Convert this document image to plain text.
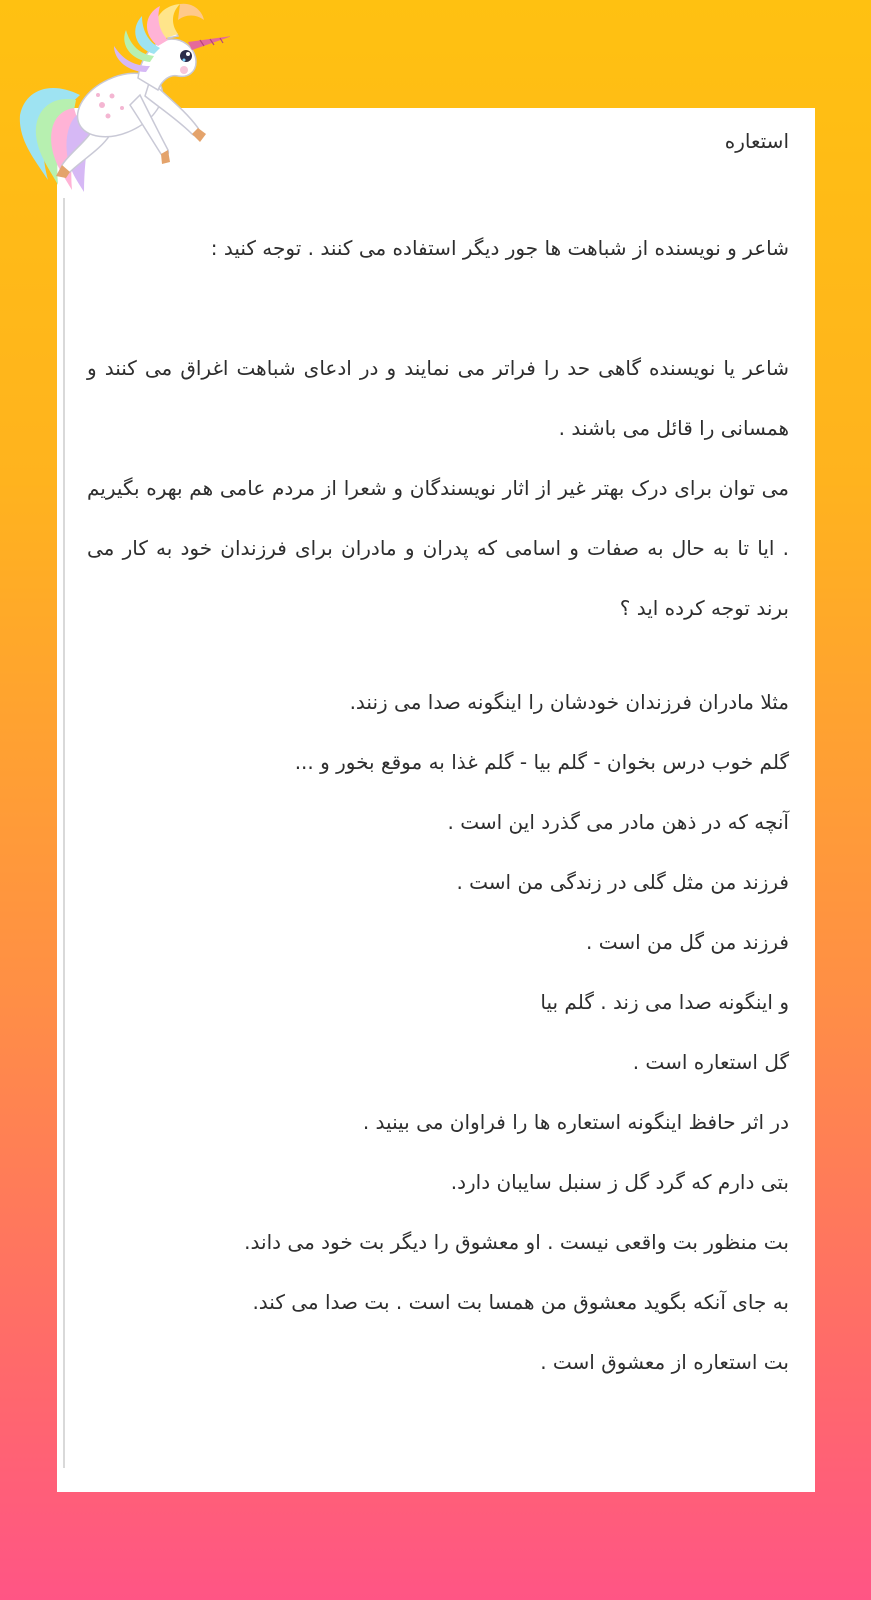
استعاره

شاعر و نویسنده از شباهت ها جور دیگر استفاده می کنند . توجه کنید :

شاعر یا نویسنده گاهی حد را فراتر می نمایند و در ادعای شباهت اغراق می کنند و همسانی را قائل می باشند .

می توان برای درک بهتر غیر از اثار نویسندگان و شعرا از مردم عامی هم بهره بگیریم . ایا تا به حال به صفات و اسامی که پدران و مادران برای فرزندان خود به کار می برند توجه کرده اید ؟

مثلا مادران فرزندان خودشان را اینگونه صدا می زنند.
گلم خوب درس بخوان - گلم بیا - گلم غذا به موقع بخور و ...
آنچه که در ذهن مادر می گذرد این است .
فرزند من مثل گلی در زندگی من است .
فرزند من گل من است .
و اینگونه صدا می زند . گلم بیا
گل استعاره است .
در اثر حافظ اینگونه استعاره ها را فراوان می بینید .
بتی دارم که گرد گل ز سنبل سایبان دارد.
بت منظور بت واقعی نیست . او معشوق را دیگر بت خود می داند.
به جای آنکه بگوید معشوق من همسا بت است . بت صدا می کند.
بت استعاره از معشوق است .
